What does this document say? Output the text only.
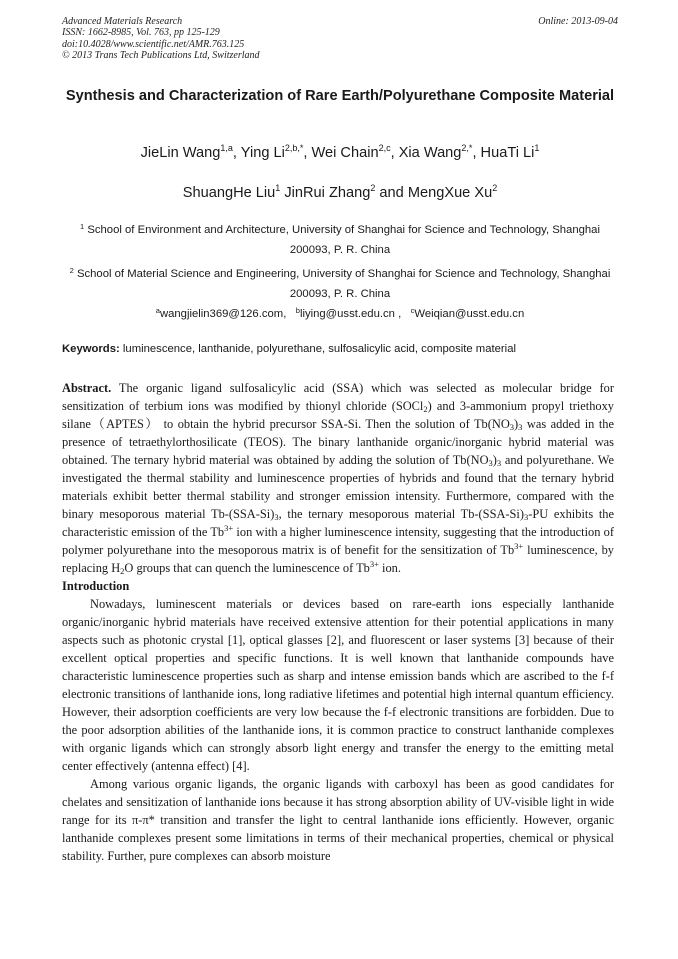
Advanced Materials Research
ISSN: 1662-8985, Vol. 763, pp 125-129
doi:10.4028/www.scientific.net/AMR.763.125
© 2013 Trans Tech Publications Ltd, Switzerland
Online: 2013-09-04
Synthesis and Characterization of Rare Earth/Polyurethane Composite Material
JieLin Wang$^{1,a}$, Ying $Li^{2,b,*}$, Wei Chain$^{2,c}$, Xia Wang$^{2,*}$, HuaTi Li$^1$
ShuangHe Liu$^1$ JinRui Zhang$^2$ and MengXue Xu$^2$
$^1$ School of Environment and Architecture, University of Shanghai for Science and Technology, Shanghai 200093, P. R. China
$^2$ School of Material Science and Engineering, University of Shanghai for Science and Technology, Shanghai 200093, P. R. China
$^a$wangjielin369@126.com, $^b$liying@usst.edu.cn , $^c$Weiqian@usst.edu.cn
Keywords: luminescence, lanthanide, polyurethane, sulfosalicylic acid, composite material

Abstract. The organic ligand sulfosalicylic acid (SSA) which was selected as molecular bridge for sensitization of terbium ions was modified by thionyl chloride (SOCl$_2$) and 3-ammonium propyl triethoxy silane（APTES） to obtain the hybrid precursor SSA-Si. Then the solution of $Tb(NO_3)_3$ was added in the presence of tetraethylorthosilicate (TEOS). The binary lanthanide organic/inorganic hybrid material was obtained. The ternary hybrid material was obtained by adding the solution of $Tb(NO_3)_3$ and polyurethane. We investigated the thermal stability and luminescence properties of hybrids and found that the ternary hybrid materials exhibit better thermal stability and stronger emission intensity. Furthermore, compared with the binary mesoporous material $Tb-(SSA-Si)_3$, the ternary mesoporous material $Tb-(SSA-Si)_3-PU$ exhibits the characteristic emission of the $Tb^{3+}$ ion with a higher luminescence intensity, suggesting that the introduction of polymer polyurethane into the mesoporous matrix is of benefit for the sensitization of $Tb^{3+}$ luminescence, by replacing $H_2O$ groups that can quench the luminescence of $Tb^{3+}$ ion.

Introduction

Nowadays, luminescent materials or devices based on rare-earth ions especially lanthanide organic/inorganic hybrid materials have received extensive attention for their potential applications in many aspects such as photonic crystal [1], optical glasses [2], and fluorescent or laser systems [3] because of their excellent optical properties and specific functions. It is well known that lanthanide compounds have characteristic luminescence properties such as sharp and intense emission bands which are ascribed to the f-f electronic transitions of lanthanide ions, long radiative lifetimes and potential high internal quantum efficiency. However, their adsorption coefficients are very low because the f-f electronic transitions are forbidden. Due to the poor adsorption abilities of the lanthanide ions, it is common practice to construct lanthanide complexes with organic ligands which can strongly absorb light energy and transfer the energy to the emitting metal center effectively (antenna effect) [4].

Among various organic ligands, the organic ligands with carboxyl has been as good candidates for chelates and sensitization of lanthanide ions because it has strong absorption ability of UV-visible light in wide range for its π-π* transition and transfer the light to central lanthanide ions efficiently. However, organic lanthanide complexes present some limitations in terms of their mechanical properties, chemical or physical stability. Further, pure complexes can absorb moisture
